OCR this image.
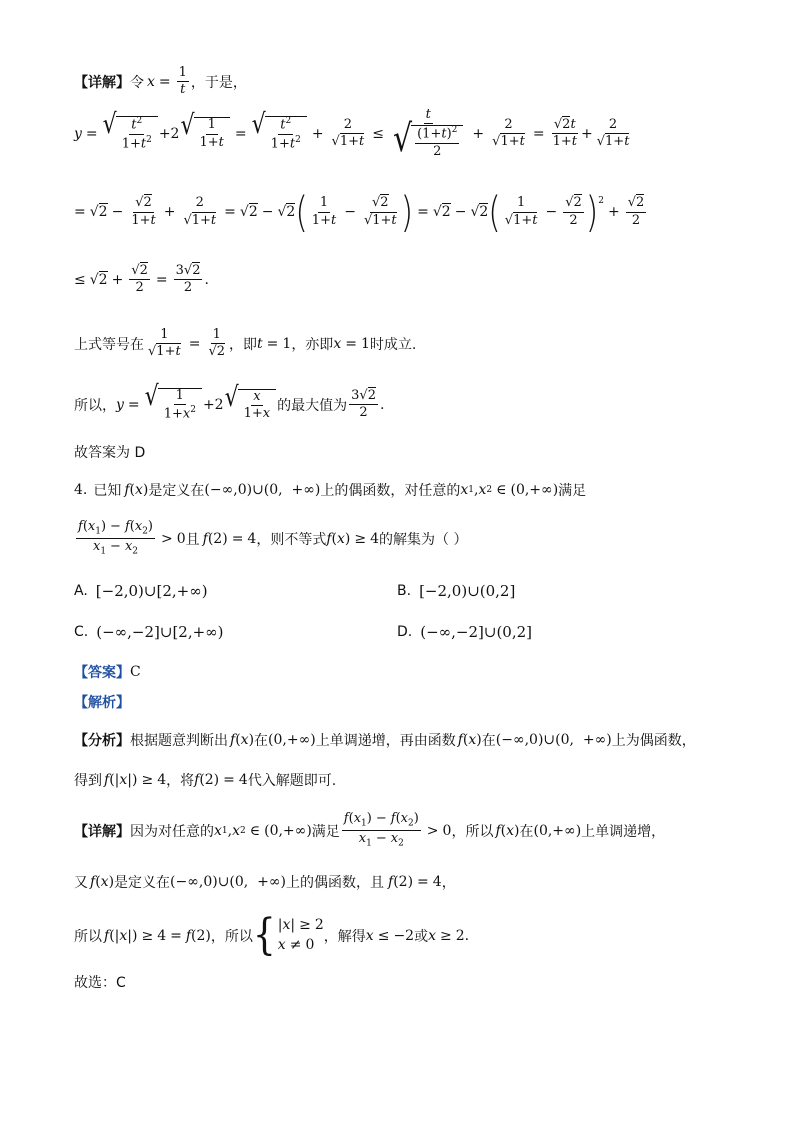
【详解】 令 $x = \frac{1}{t}$ ，于是，
y = √ $\frac{t^2}{1+t^2} +2$ √ $\frac{1}{1+t}$ = √ $\frac{t^2}{1+t^2} + \frac{2}{√1+t} \le \frac{t}{√ \frac{(1+t)^2}{2}} + \frac{2}{√1+t} = \frac{√2t}{1+t} + \frac{2}{√1+t}$
= $√2 - \frac{√2}{1+t} + \frac{2}{√1+t} = √2 - √2$ ( $\frac{1}{1+t} - \frac{√2}{√1+t}$ ) = √2 − √2 ( $\frac{1}{√1+t} - \frac{√2}{2}$ ) 2
+ $\frac{√2}{2}$
≤ $√2 + \frac{√2}{2} = \frac{3√2}{2}$ .
上式等号在 $\frac{1}{√1+t} = \frac{1}{√2}$ ，即 t = 1 ，亦即 x = 1 时成立.
所以， y = √ $\frac{1}{1+x^2} +2$ √ $\frac{x}{1+x}$ 的最大值为 $\frac{3√2}{2}$ .
故答案为 D
4. 已知 f ( x ) 是定义在 (−∞,0)∪(0,  +∞) 上的偶函数，对任意的 x 1 , x 2 ∈ (0,+∞) 满足
$\frac{f(x_1) - f(x_2)}{x_1 - x_2} > 0$ 且 f (2) = 4 ，则不等式 f ( x ) ≥ 4 的解集为（ ）
A. [−2,0)∪[2,+∞)	B. [−2,0)∪(0,2]
C. (−∞,−2]∪[2,+∞)	D. (−∞,−2]∪(0,2]
【答案】 C
【解析】
【分析】 根据题意判断出 f ( x ) 在 (0,+∞) 上单调递增，再由函数 f ( x ) 在 (−∞,0)∪(0,  +∞) 上为偶函数，
得到 f (| x |) ≥ 4 ，将 f (2) = 4 代入解题即可.
【详解】 因为对任意的 x 1 , x 2 ∈ (0,+∞) 满足 $\frac{f(x_1) - f(x_2)}{x_1 - x_2} > 0$ ，所以 f ( x ) 在 (0,+∞) 上单调递增，
又 f ( x ) 是定义在 (−∞,0)∪(0,  +∞) 上的偶函数，且 f (2) = 4 ，
所以 f (| x |) ≥ 4 = f (2) ，所以 { |x| ≥ 2
x ≠ 0 ，解得 x ≤ −2 或 x ≥ 2 .
故选：C
